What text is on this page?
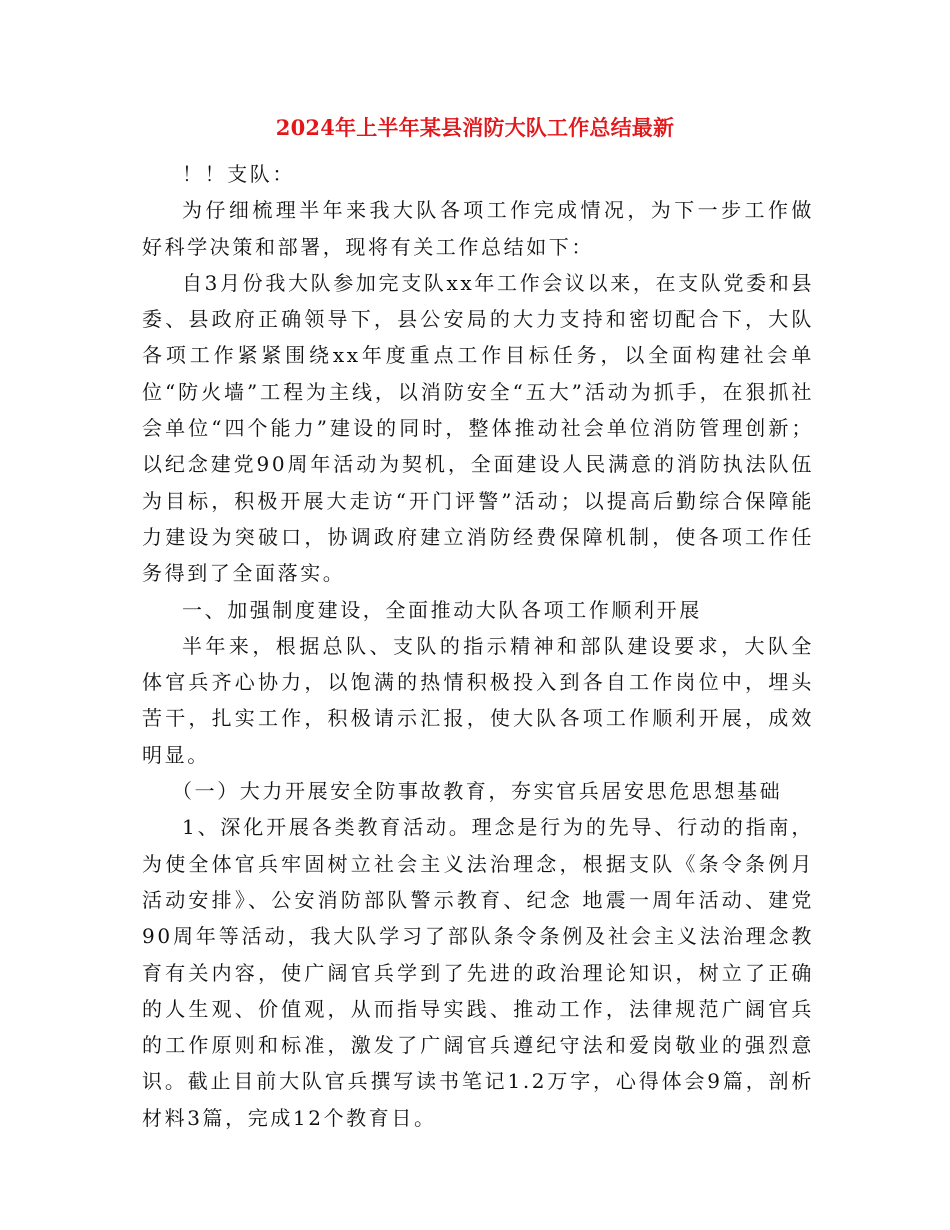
2024年上半年某县消防大队工作总结最新

！！支队：

为仔细梳理半年来我大队各项工作完成情况，为下一步工作做好科学决策和部署，现将有关工作总结如下：

自3月份我大队参加完支队xx年工作会议以来，在支队党委和县委、县政府正确领导下，县公安局的大力支持和密切配合下，大队各项工作紧紧围绕xx年度重点工作目标任务，以全面构建社会单位“防火墙”工程为主线，以消防安全“五大”活动为抓手，在狠抓社会单位“四个能力”建设的同时，整体推动社会单位消防管理创新；以纪念建党90周年活动为契机，全面建设人民满意的消防执法队伍为目标，积极开展大走访“开门评警”活动；以提高后勤综合保障能力建设为突破口，协调政府建立消防经费保障机制，使各项工作任务得到了全面落实。

一、加强制度建设，全面推动大队各项工作顺利开展

半年来，根据总队、支队的指示精神和部队建设要求，大队全体官兵齐心协力，以饱满的热情积极投入到各自工作岗位中，埋头苦干，扎实工作，积极请示汇报，使大队各项工作顺利开展，成效明显。

（一）大力开展安全防事故教育，夯实官兵居安思危思想基础

1、深化开展各类教育活动。理念是行为的先导、行动的指南，为使全体官兵牢固树立社会主义法治理念，根据支队《条令条例月活动安排》、公安消防部队警示教育、纪念 地震一周年活动、建党90周年等活动，我大队学习了部队条令条例及社会主义法治理念教育有关内容，使广阔官兵学到了先进的政治理论知识，树立了正确的人生观、价值观，从而指导实践、推动工作，法律规范广阔官兵的工作原则和标准，激发了广阔官兵遵纪守法和爱岗敬业的强烈意识。截止目前大队官兵撰写读书笔记1.2万字，心得体会9篇，剖析材料3篇，完成12个教育日。
